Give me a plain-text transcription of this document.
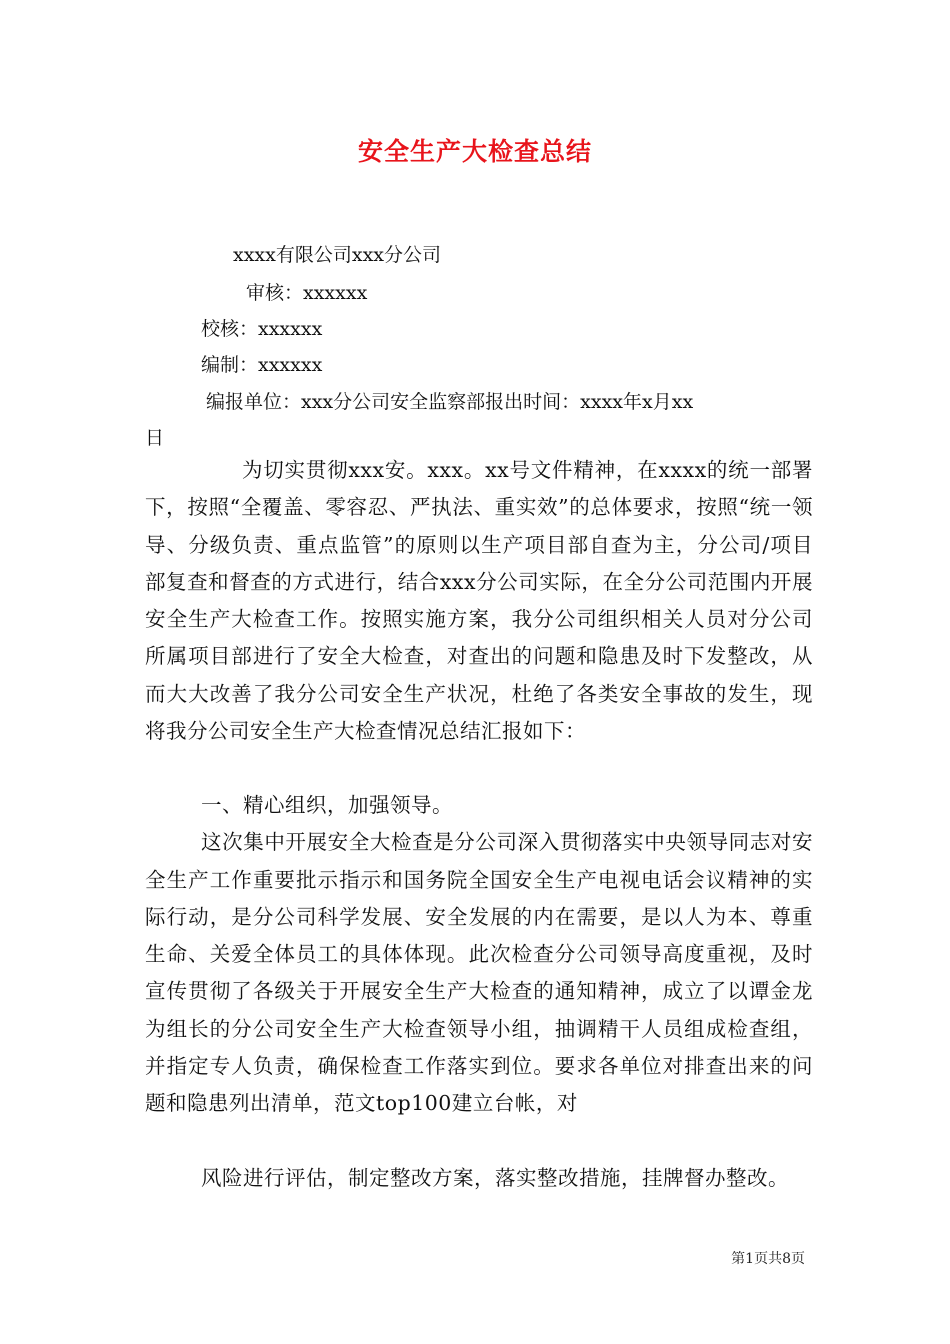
安全生产大检查总结
xxxx有限公司xxx分公司
审核：xxxxxx
校核：xxxxxx
编制：xxxxxx
编报单位：xxx分公司安全监察部报出时间：xxxx年x月xx
日

为切实贯彻xxx安。xxx。xx号文件精神，在xxxx的统一部署下，按照“全覆盖、零容忍、严执法、重实效”的总体要求，按照“统一领导、分级负责、重点监管”的原则以生产项目部自查为主，分公司/项目部复查和督查的方式进行，结合xxx分公司实际，在全分公司范围内开展安全生产大检查工作。按照实施方案，我分公司组织相关人员对分公司所属项目部进行了安全大检查，对查出的问题和隐患及时下发整改，从而大大改善了我分公司安全生产状况，杜绝了各类安全事故的发生，现将我分公司安全生产大检查情况总结汇报如下：

一、精心组织，加强领导。

这次集中开展安全大检查是分公司深入贯彻落实中央领导同志对安全生产工作重要批示指示和国务院全国安全生产电视电话会议精神的实际行动，是分公司科学发展、安全发展的内在需要，是以人为本、尊重生命、关爱全体员工的具体体现。此次检查分公司领导高度重视，及时宣传贯彻了各级关于开展安全生产大检查的通知精神，成立了以谭金龙为组长的分公司安全生产大检查领导小组，抽调精干人员组成检查组，并指定专人负责，确保检查工作落实到位。要求各单位对排查出来的问题和隐患列出清单，范文top100建立台帐，对

风险进行评估，制定整改方案，落实整改措施，挂牌督办整改。

第1页共8页
